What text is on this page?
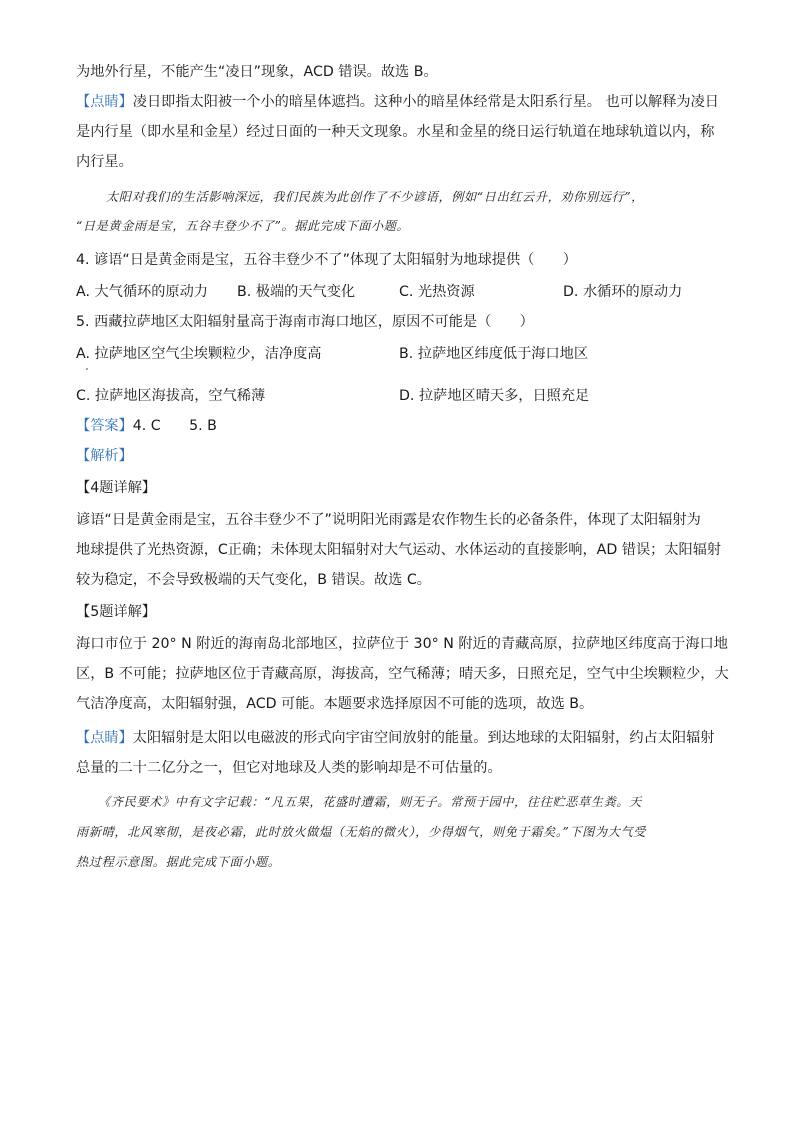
为地外行星，不能产生“凌日”现象，ACD 错误。故选 B。
【点睛】凌日即指太阳被一个小的暗星体遮挡。这种小的暗星体经常是太阳系行星。 也可以解释为凌日
是内行星（即水星和金星）经过日面的一种天文现象。水星和金星的绕日运行轨道在地球轨道以内，称
内行星。
太阳对我们的生活影响深远，我们民族为此创作了不少谚语，例如“日出红云升，劝你别远行”，
“日是黄金雨是宝，五谷丰登少不了”。据此完成下面小题。
4. 谚语“日是黄金雨是宝，五谷丰登少不了”体现了太阳辐射为地球提供（　　）
A. 大气循环的原动力 B. 极端的天气变化	C. 光热资源	D. 水循环的原动力
5. 西藏拉萨地区太阳辐射量高于海南市海口地区，原因不可能是（　　）
A. 拉萨地区空气尘埃颗粒少，洁净度高	B. 拉萨地区纬度低于海口地区
C. 拉萨地区海拔高，空气稀薄	D. 拉萨地区晴天多，日照充足
【答案】4. C　　5. B
【解析】
【4题详解】
谚语“日是黄金雨是宝，五谷丰登少不了”说明阳光雨露是农作物生长的必备条件，体现了太阳辐射为
地球提供了光热资源，C正确；未体现太阳辐射对大气运动、水体运动的直接影响，AD 错误；太阳辐射
较为稳定，不会导致极端的天气变化，B 错误。故选 C。
【5题详解】
海口市位于 20° N 附近的海南岛北部地区，拉萨位于 30° N 附近的青藏高原，拉萨地区纬度高于海口地
区，B 不可能；拉萨地区位于青藏高原，海拔高，空气稀薄；晴天多，日照充足，空气中尘埃颗粒少，大
气洁净度高，太阳辐射强，ACD 可能。本题要求选择原因不可能的选项，故选 B。
【点睛】太阳辐射是太阳以电磁波的形式向宇宙空间放射的能量。到达地球的太阳辐射，约占太阳辐射
总量的二十二亿分之一，但它对地球及人类的影响却是不可估量的。
《齐民要术》中有文字记载：“凡五果，花盛时遭霜，则无子。常预于园中，往往贮恶草生粪。天
雨新晴，北风寒彻，是夜必霜，此时放火做煴（无焰的微火），少得烟气，则免于霜矣。”下图为大气受
热过程示意图。据此完成下面小题。
